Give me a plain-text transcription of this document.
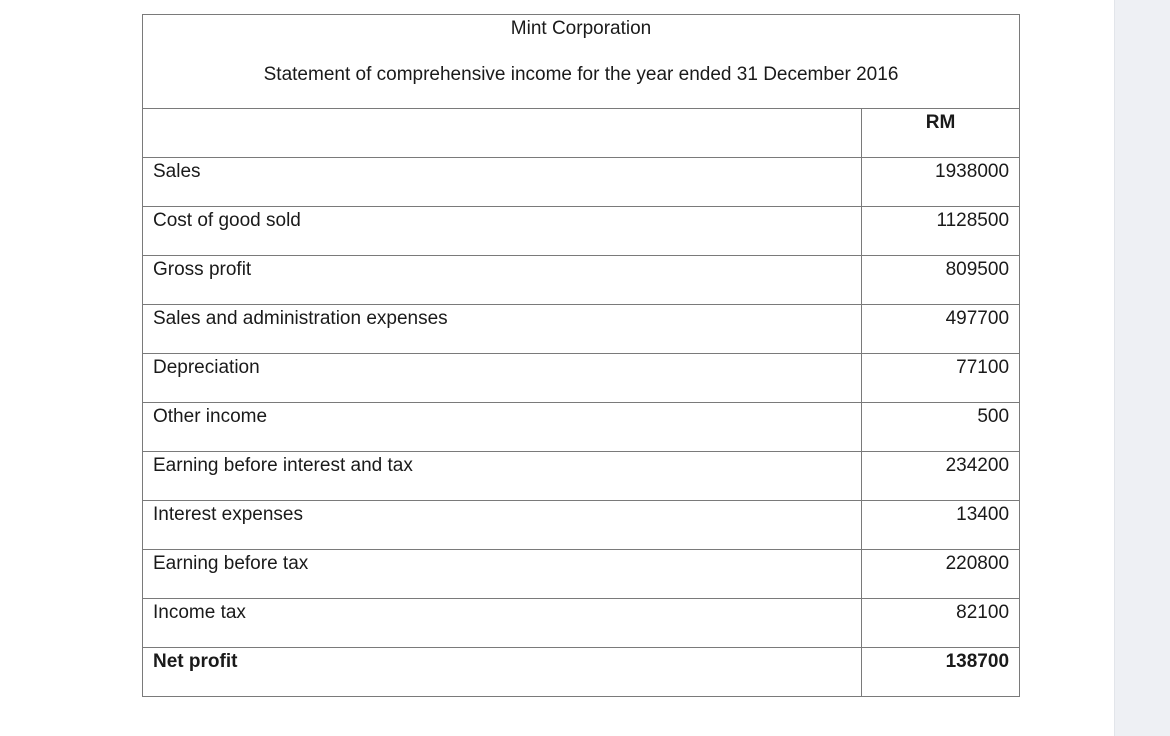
Mint Corporation
Statement of comprehensive income for the year ended 31 December 2016	

	RM
Sales	1938000
Cost of good sold	1128500
Gross profit	809500
Sales and administration expenses	497700
Depreciation	77100
Other income	500
Earning before interest and tax	234200
Interest expenses	13400
Earning before tax	220800
Income tax	82100
Net profit	138700
